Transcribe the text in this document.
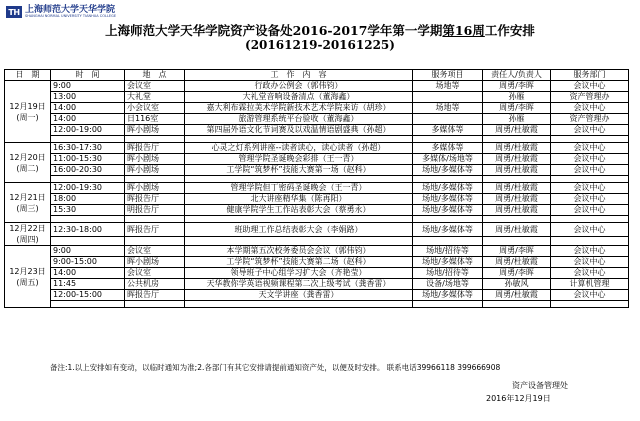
TH 上海师范大学天华学院
SHANGHAI NORMAL UNIVERSITY TIANHUA COLLEGE
上海师范大学天华学院资产设备处2016-2017学年第一学期第16周工作安排
(20161219-20161225)
日　期	时　间	地　点	工　作　内　容	服务项目	责任人/负责人	服务部门
12月19日(周一)	9:00	会议室	行政办公例会（郭伟钧）	场地等	周勇/李晖	会议中心
	13:00	大礼堂	大礼堂音响设备清点（董海鑫）		孙雁	资产管理办
	14:00	小会议室	嘉大利布霖拉美术学院新技术艺术学院来访（胡珍）	场地等	周勇/李晖	会议中心
	14:00	日116室	旅游管理系统平台验收（董海鑫）		孙雁	资产管理办
	12:00-19:00	晖小剧场	第四届外语文化节词赛及以戏温情语剧盛典（孙超）	多媒体等	周勇/杜敏霞	会议中心

12月20日(周二)	16:30-17:30	晖报告厅	心灵之灯系列讲座--读者读心，读心读者（孙超）	多媒体等	周勇/杜敏霞	会议中心
	11:00-15:30	晖小剧场	管理学院圣诞晚会彩排（王一青）	多媒体/场地等	周勇/杜敏霞	会议中心
	16:00-20:30	晖小剧场	工学院“筑梦杯”技能大赛第一场（赵科）	场地/多媒体等	周勇/杜敏霞	会议中心

12月21日(周三)	12:00-19:30	晖小剧场	管理学院但丁密码圣诞晚会（王一青）	场地/多媒体等	周勇/杜敏霞	会议中心
	18:00	晖报告厅	北大讲座精华集（陈再阳）	场地/多媒体等	周勇/杜敏霞	会议中心
	15:30	明报告厅	健康学院学生工作站表彰大会（蔡勇永）	场地/多媒体等	周勇/杜敏霞	会议中心

12月22日(周四)	12:30-18:00	晖报告厅	班助理工作总结表彰大会（李娟路）	场地/多媒体等	周勇/杜敏霞	会议中心

12月23日(周五)	9:00	会议室	本学期第五次校务委员会会议（郭伟钧）	场地/招待等	周勇/李晖	会议中心
	9:00-15:00	晖小剧场	工学院“筑梦杯”技能大赛第二场（赵科）	场地/多媒体等	周勇/杜敏霞	会议中心
	14:00	会议室	领导班子中心组学习扩大会（齐艳莹）	场地/招待等	周勇/李晖	会议中心
	11:45	公共机房	天华教你学英语视频课程第二次上级考试（龚香雷）	设备/场地等	孙敏风	计算机管理
	12:00-15:00	晖报告厅	天文学讲座（龚香雷）	场地/多媒体等	周勇/杜敏霞	会议中心

备注:1.以上安排如有变动，以临时通知为准;2.各部门有其它安排请提前通知资产处，以便及时安排。 联系电话39966118 399666908
资产设备管理处
2016年12月19日
